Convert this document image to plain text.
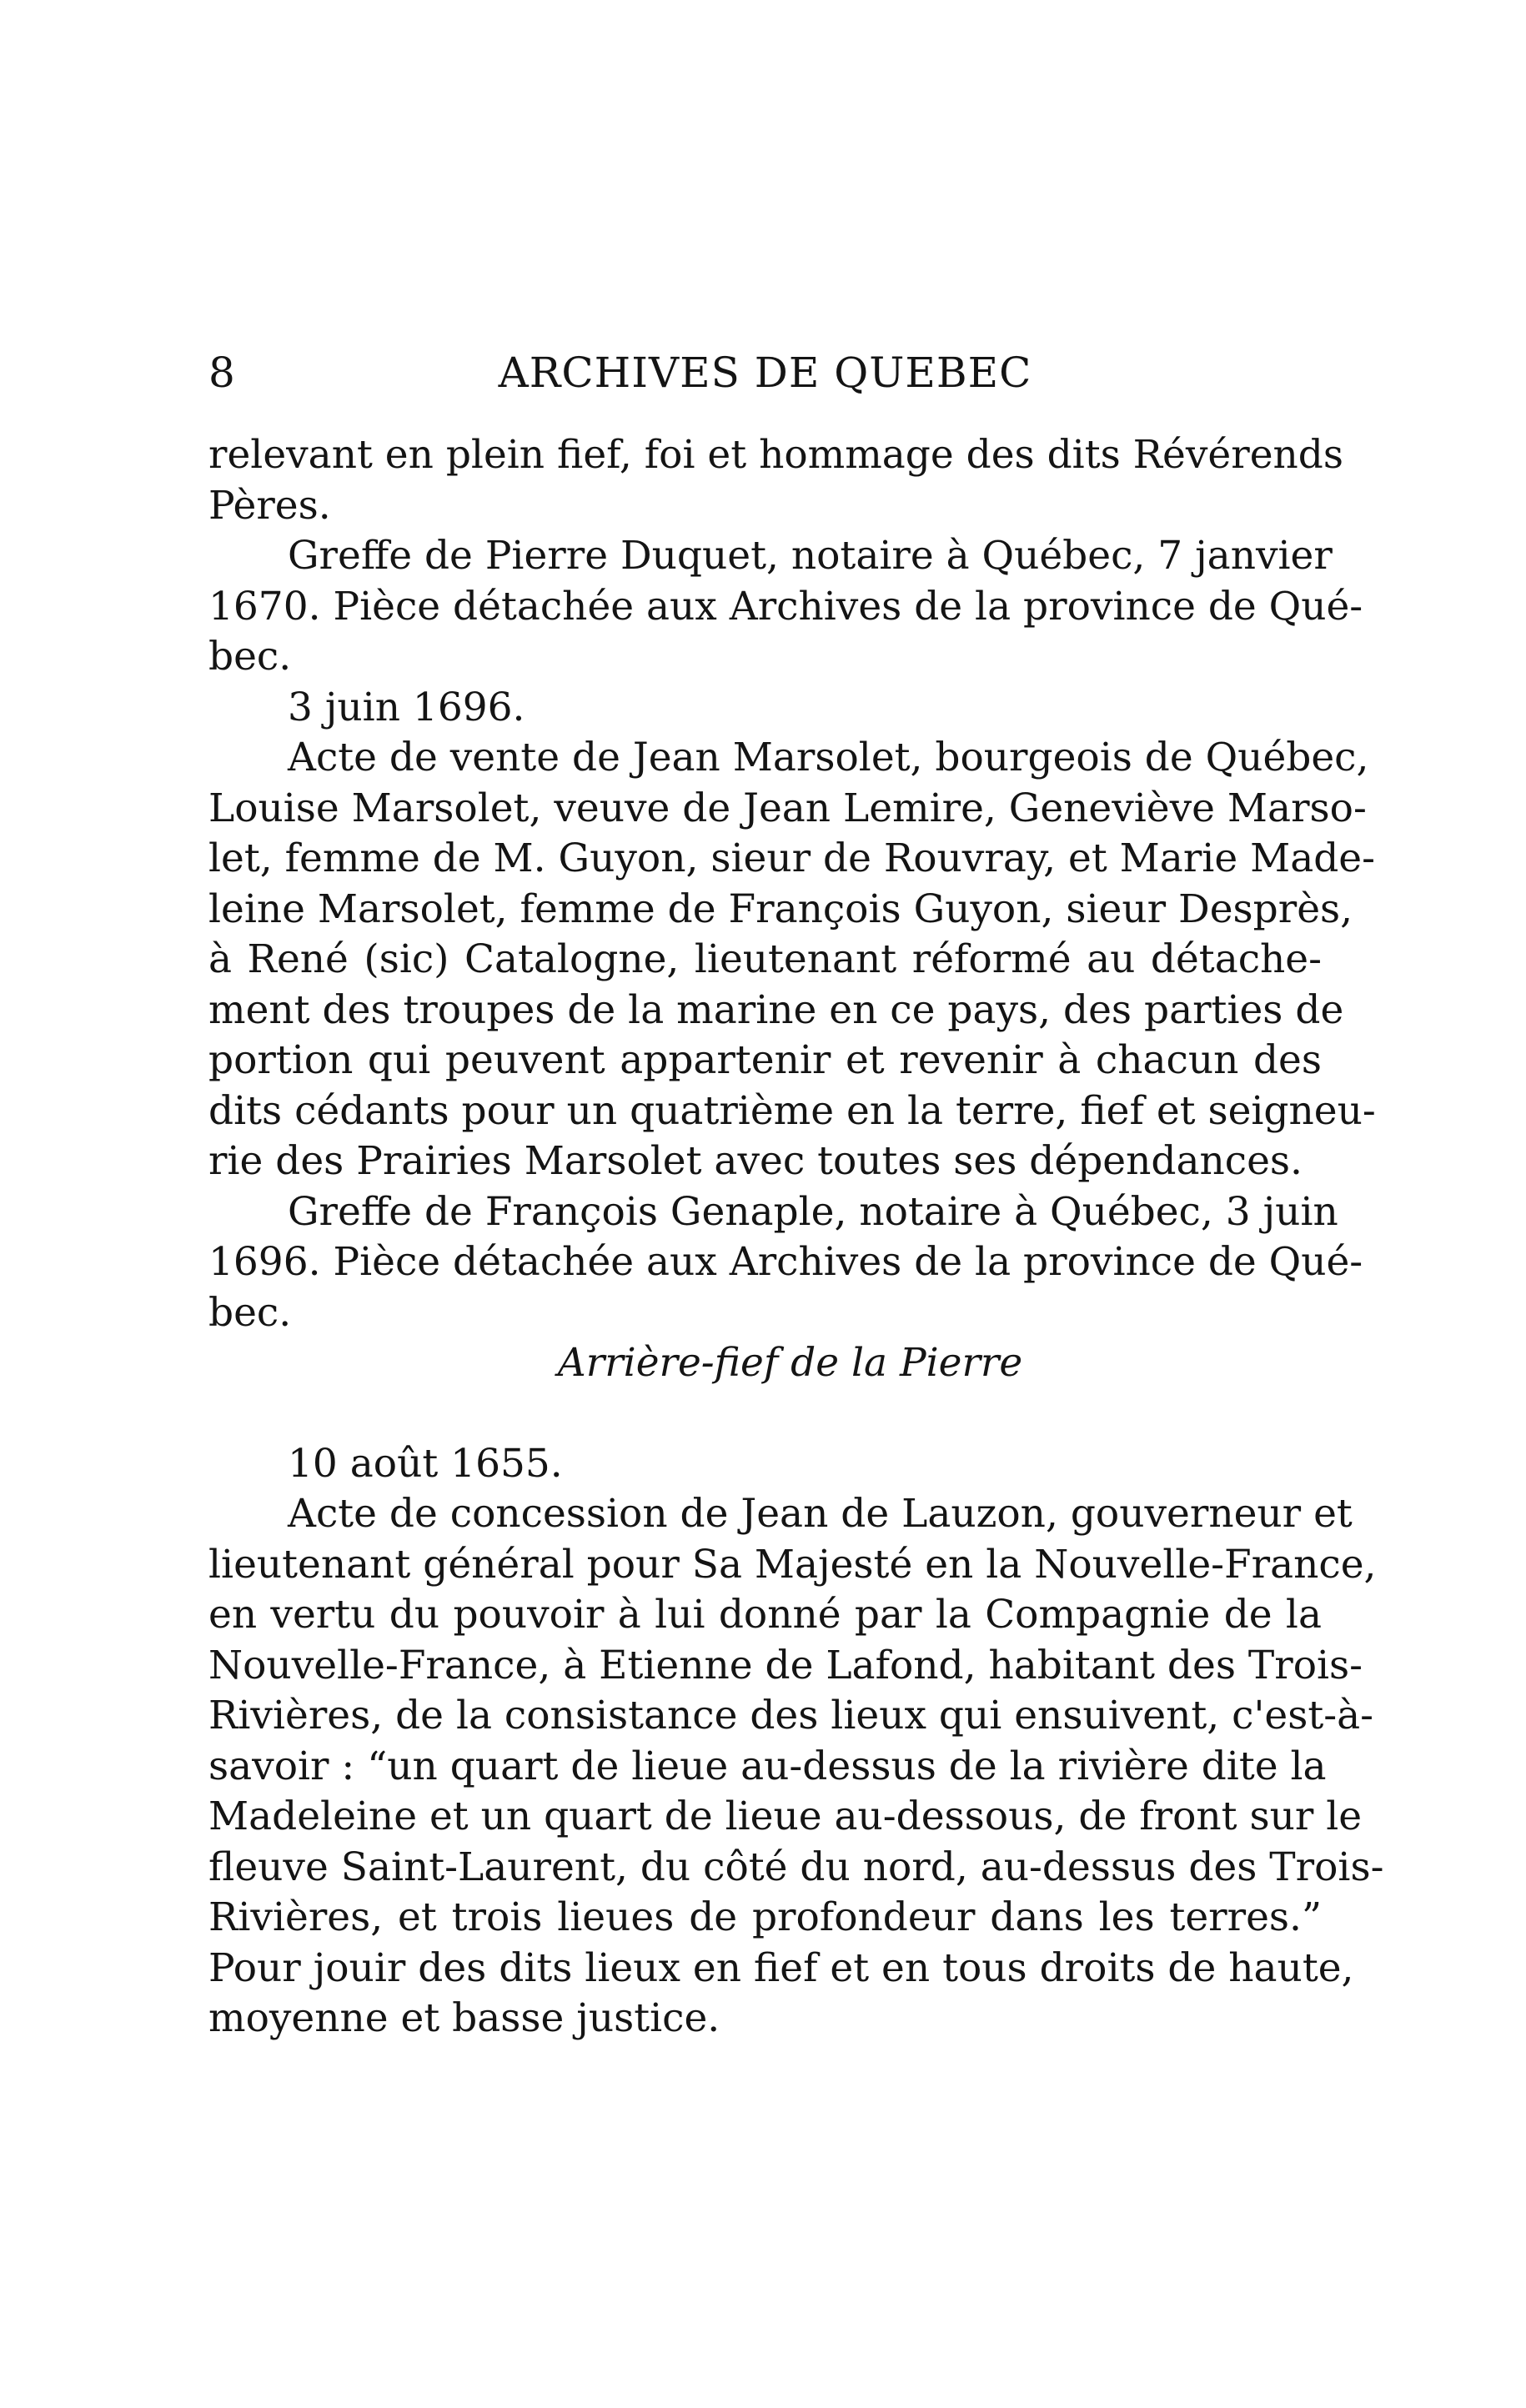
8	ARCHIVES DE QUEBEC
relevant en plein fief, foi et hommage des dits Révérends
Pères.
Greffe de Pierre Duquet, notaire à Québec, 7 janvier
1670. Pièce détachée aux Archives de la province de Qué-
bec.
3 juin 1696.
Acte de vente de Jean Marsolet, bourgeois de Québec,
Louise Marsolet, veuve de Jean Lemire, Geneviève Marso-
let, femme de M. Guyon, sieur de Rouvray, et Marie Made-
leine Marsolet, femme de François Guyon, sieur Desprès,
à René (sic) Catalogne, lieutenant réformé au détache-
ment des troupes de la marine en ce pays, des parties de
portion qui peuvent appartenir et revenir à chacun des
dits cédants pour un quatrième en la terre, fief et seigneu-
rie des Prairies Marsolet avec toutes ses dépendances.
Greffe de François Genaple, notaire à Québec, 3 juin
1696. Pièce détachée aux Archives de la province de Qué-
bec.
Arrière-fief de la Pierre
10 août 1655.
Acte de concession de Jean de Lauzon, gouverneur et
lieutenant général pour Sa Majesté en la Nouvelle-France,
en vertu du pouvoir à lui donné par la Compagnie de la
Nouvelle-France, à Etienne de Lafond, habitant des Trois-
Rivières, de la consistance des lieux qui ensuivent, c'est-à-
savoir : “un quart de lieue au-dessus de la rivière dite la
Madeleine et un quart de lieue au-dessous, de front sur le
fleuve Saint-Laurent, du côté du nord, au-dessus des Trois-
Rivières, et trois lieues de profondeur dans les terres.”
Pour jouir des dits lieux en fief et en tous droits de haute,
moyenne et basse justice.
